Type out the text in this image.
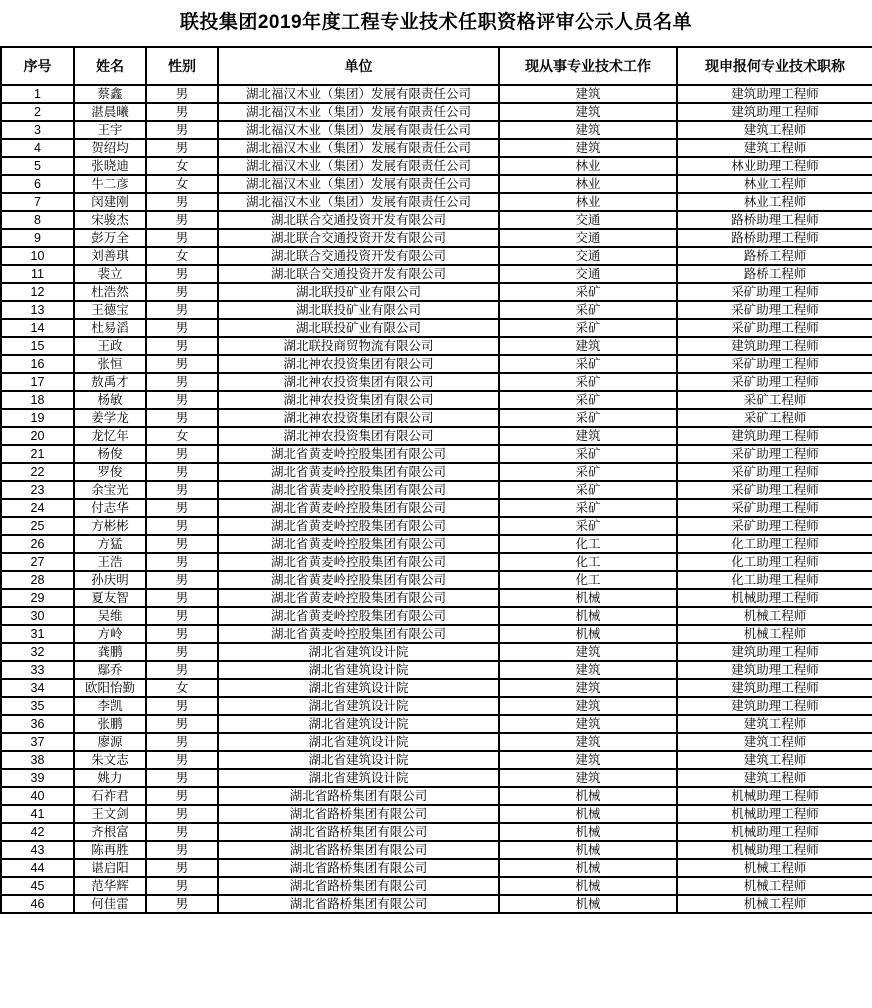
联投集团2019年度工程专业技术任职资格评审公示人员名单
序号	姓名	性别	单位	现从事专业技术工作	现申报何专业技术职称
1	蔡鑫	男	湖北福汉木业（集团）发展有限责任公司	建筑	建筑助理工程师
2	湛晨曦	男	湖北福汉木业（集团）发展有限责任公司	建筑	建筑助理工程师
3	王宇	男	湖北福汉木业（集团）发展有限责任公司	建筑	建筑工程师
4	贺绍均	男	湖北福汉木业（集团）发展有限责任公司	建筑	建筑工程师
5	张晓迪	女	湖北福汉木业（集团）发展有限责任公司	林业	林业助理工程师
6	牛二彦	女	湖北福汉木业（集团）发展有限责任公司	林业	林业工程师
7	闵建刚	男	湖北福汉木业（集团）发展有限责任公司	林业	林业工程师
8	宋骏杰	男	湖北联合交通投资开发有限公司	交通	路桥助理工程师
9	彭万全	男	湖北联合交通投资开发有限公司	交通	路桥助理工程师
10	刘善琪	女	湖北联合交通投资开发有限公司	交通	路桥工程师
11	裴立	男	湖北联合交通投资开发有限公司	交通	路桥工程师
12	杜浩然	男	湖北联投矿业有限公司	采矿	采矿助理工程师
13	王德宝	男	湖北联投矿业有限公司	采矿	采矿助理工程师
14	杜易滔	男	湖北联投矿业有限公司	采矿	采矿助理工程师
15	王政	男	湖北联投商贸物流有限公司	建筑	建筑助理工程师
16	张恒	男	湖北神农投资集团有限公司	采矿	采矿助理工程师
17	敖禹才	男	湖北神农投资集团有限公司	采矿	采矿助理工程师
18	杨敏	男	湖北神农投资集团有限公司	采矿	采矿工程师
19	姜学龙	男	湖北神农投资集团有限公司	采矿	采矿工程师
20	龙忆年	女	湖北神农投资集团有限公司	建筑	建筑助理工程师
21	杨俊	男	湖北省黄麦岭控股集团有限公司	采矿	采矿助理工程师
22	罗俊	男	湖北省黄麦岭控股集团有限公司	采矿	采矿助理工程师
23	余宝光	男	湖北省黄麦岭控股集团有限公司	采矿	采矿助理工程师
24	付志华	男	湖北省黄麦岭控股集团有限公司	采矿	采矿助理工程师
25	方彬彬	男	湖北省黄麦岭控股集团有限公司	采矿	采矿助理工程师
26	方猛	男	湖北省黄麦岭控股集团有限公司	化工	化工助理工程师
27	王浩	男	湖北省黄麦岭控股集团有限公司	化工	化工助理工程师
28	孙庆明	男	湖北省黄麦岭控股集团有限公司	化工	化工助理工程师
29	夏友智	男	湖北省黄麦岭控股集团有限公司	机械	机械助理工程师
30	吴维	男	湖北省黄麦岭控股集团有限公司	机械	机械工程师
31	方岭	男	湖北省黄麦岭控股集团有限公司	机械	机械工程师
32	龚鹏	男	湖北省建筑设计院	建筑	建筑助理工程师
33	鄢乔	男	湖北省建筑设计院	建筑	建筑助理工程师
34	欧阳怡勤	女	湖北省建筑设计院	建筑	建筑助理工程师
35	李凯	男	湖北省建筑设计院	建筑	建筑助理工程师
36	张鹏	男	湖北省建筑设计院	建筑	建筑工程师
37	廖源	男	湖北省建筑设计院	建筑	建筑工程师
38	朱文志	男	湖北省建筑设计院	建筑	建筑工程师
39	姚力	男	湖北省建筑设计院	建筑	建筑工程师
40	石祚君	男	湖北省路桥集团有限公司	机械	机械助理工程师
41	王文剑	男	湖北省路桥集团有限公司	机械	机械助理工程师
42	齐根富	男	湖北省路桥集团有限公司	机械	机械助理工程师
43	陈再胜	男	湖北省路桥集团有限公司	机械	机械助理工程师
44	谌启阳	男	湖北省路桥集团有限公司	机械	机械工程师
45	范华辉	男	湖北省路桥集团有限公司	机械	机械工程师
46	何佳雷	男	湖北省路桥集团有限公司	机械	机械工程师
